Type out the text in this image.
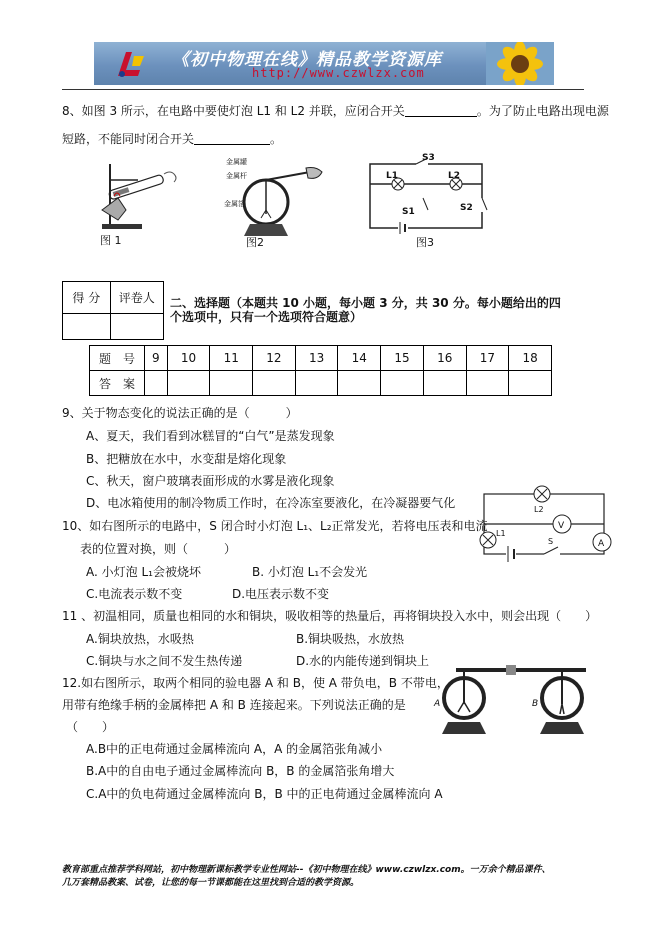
《初中物理在线》精品教学资源库
http://www.czwlzx.com
8、如图 3 所示，在电路中要使灯泡 L1 和 L2 并联，应闭合开关	。为了防止电路出现电源
短路，不能同时闭合开关	。
图 1
金属罐
金属杆
金属箔
图2
S3
L1	L2
S1	S2
图3
得 分	评卷人
	二、选择题（本题共 10 小题，每小题 3 分，共 30 分。每小题给出的四
个选项中，只有一个选项符合题意）
题　号	9	10	11	12	13	14	15	16	17	18
答　案										
9、关于物态变化的说法正确的是（　　　）
A、夏天，我们看到冰糕冒的“白气”是蒸发现象
B、把糖放在水中，水变甜是熔化现象
C、秋天，窗户玻璃表面形成的水雾是液化现象
D、电冰箱使用的制冷物质工作时，在冷冻室要液化，在冷凝器要气化	L2
V
L1
A
S
10、如右图所示的电路中，S 闭合时小灯泡 L₁、L₂正常发光，若将电压表和电流
表的位置对换，则（　　　）
A. 小灯泡 L₁会被烧坏	B. 小灯泡 L₁不会发光
C.电流表示数不变	D.电压表示数不变
11 、初温相同，质量也相同的水和铜块，吸收相等的热量后，再将铜块投入水中，则会出现（　　）
A.铜块放热，水吸热	B.铜块吸热，水放热
C.铜块与水之间不发生热传递	D.水的内能传递到铜块上
A	B
12.如右图所示，取两个相同的验电器 A 和 B，使 A 带负电，B 不带电，
用带有绝缘手柄的金属棒把 A 和 B 连接起来。下列说法正确的是
（　　）
A.B中的正电荷通过金属棒流向 A，A 的金属箔张角减小
B.A中的自由电子通过金属棒流向 B，B 的金属箔张角增大
C.A中的负电荷通过金属棒流向 B，B 中的正电荷通过金属棒流向 A
教育部重点推荐学科网站，初中物理新课标教学专业性网站--《初中物理在线》www.czwlzx.com。一万余个精品课件、
几万套精品教案、试卷，让您的每一节课都能在这里找到合适的教学资源。
